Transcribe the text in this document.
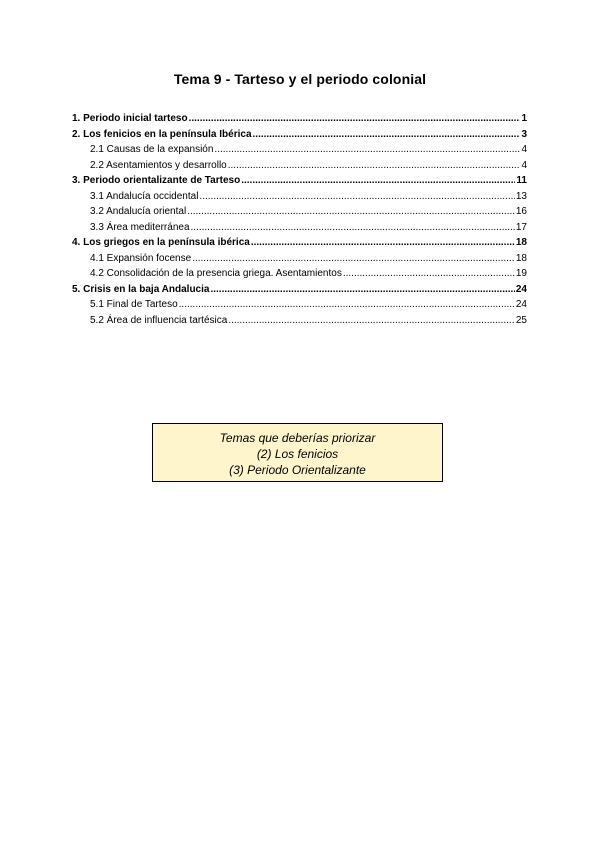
Tema 9 - Tarteso y el periodo colonial
1. Periodo inicial tarteso .....	1
2. Los fenicios en la península Ibérica .....	3
2.1 Causas de la expansión .....	4
2.2 Asentamientos y desarrollo .....	4
3. Periodo orientalizante de Tarteso .....	11
3.1 Andalucía occidental .....	13
3.2 Andalucía oriental .....	16
3.3 Área mediterránea .....	17
4. Los griegos en la península ibérica .....	18
4.1 Expansión focense .....	18
4.2 Consolidación de la presencia griega. Asentamientos .....	19
5. Crisis en la baja Andalucia .....	24
5.1 Final de Tarteso .....	24
5.2 Área de influencia tartésica .....	25
Temas que deberías priorizar
(2) Los fenicios
(3) Periodo Orientalizante
